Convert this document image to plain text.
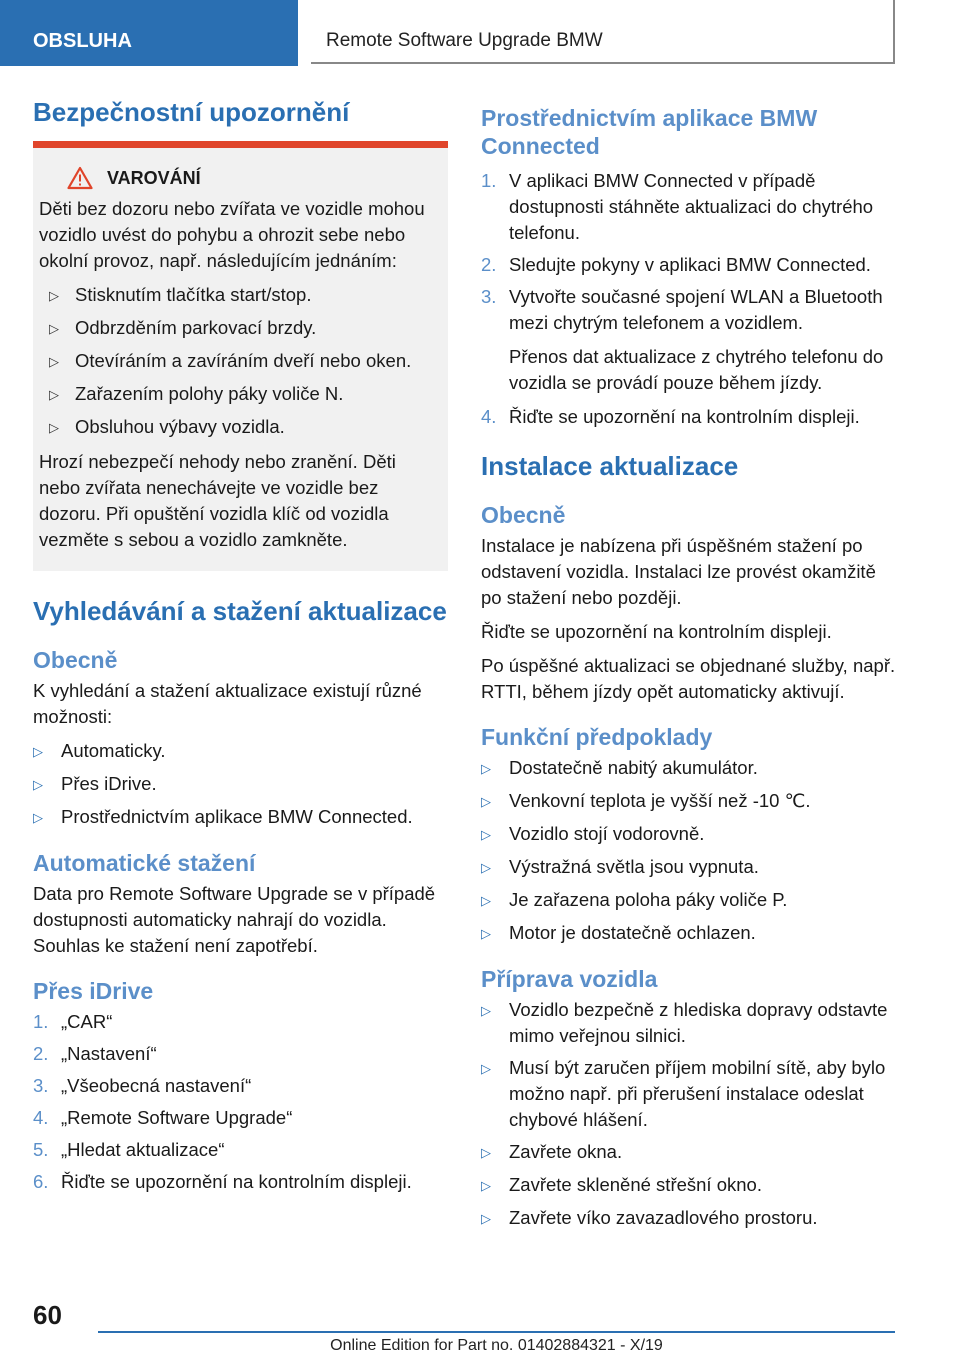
OBSLUHA	Remote Software Upgrade BMW
Bezpečnostní upozornění
VAROVÁNÍ

Děti bez dozoru nebo zvířata ve vozidle mohou vozidlo uvést do pohybu a ohrozit sebe nebo okolní provoz, např. následujícím jednáním:

▷ Stisknutím tlačítka start/stop.
▷ Odbrzděním parkovací brzdy.
▷ Otevíráním a zavíráním dveří nebo oken.
▷ Zařazením polohy páky voliče N.
▷ Obsluhou výbavy vozidla.

Hrozí nebezpečí nehody nebo zranění. Děti nebo zvířata nenechávejte ve vozidle bez dozoru. Při opuštění vozidla klíč od vozidla vezměte s sebou a vozidlo zamkněte.

Vyhledávání a stažení aktualizace
Obecně

K vyhledání a stažení aktualizace existují různé možnosti:

▷ Automaticky.
▷ Přes iDrive.
▷ Prostřednictvím aplikace BMW Connected.
Automatické stažení

Data pro Remote Software Upgrade se v případě dostupnosti automaticky nahrají do vozidla. Souhlas ke stažení není zapotřebí.

Přes iDrive
1. „CAR“
2. „Nastavení“
3. „Všeobecná nastavení“
4. „Remote Software Upgrade“
5. „Hledat aktualizace“
6. Řiďte se upozornění na kontrolním displeji.
Prostřednictvím aplikace BMW Connected
1. V aplikaci BMW Connected v případě dostupnosti stáhněte aktualizaci do chytrého telefonu.
2. Sledujte pokyny v aplikaci BMW Connected.
3. Vytvořte současné spojení WLAN a Bluetooth mezi chytrým telefonem a vozidlem.
Přenos dat aktualizace z chytrého telefonu do vozidla se provádí pouze během jízdy.
4. Řiďte se upozornění na kontrolním displeji.
Instalace aktualizace
Obecně

Instalace je nabízena při úspěšném stažení po odstavení vozidla. Instalaci lze provést okamžitě po stažení nebo později.

Řiďte se upozornění na kontrolním displeji.

Po úspěšné aktualizaci se objednané služby, např. RTTI, během jízdy opět automaticky aktivují.

Funkční předpoklady
▷ Dostatečně nabitý akumulátor.
▷ Venkovní teplota je vyšší než -10 ℃.
▷ Vozidlo stojí vodorovně.
▷ Výstražná světla jsou vypnuta.
▷ Je zařazena poloha páky voliče P.
▷ Motor je dostatečně ochlazen.
Příprava vozidla
▷ Vozidlo bezpečně z hlediska dopravy odstavte mimo veřejnou silnici.
▷ Musí být zaručen příjem mobilní sítě, aby bylo možno např. při přerušení instalace odeslat chybové hlášení.
▷ Zavřete okna.
▷ Zavřete skleněné střešní okno.
▷ Zavřete víko zavazadlového prostoru.
60
Online Edition for Part no. 01402884321 - X/19
